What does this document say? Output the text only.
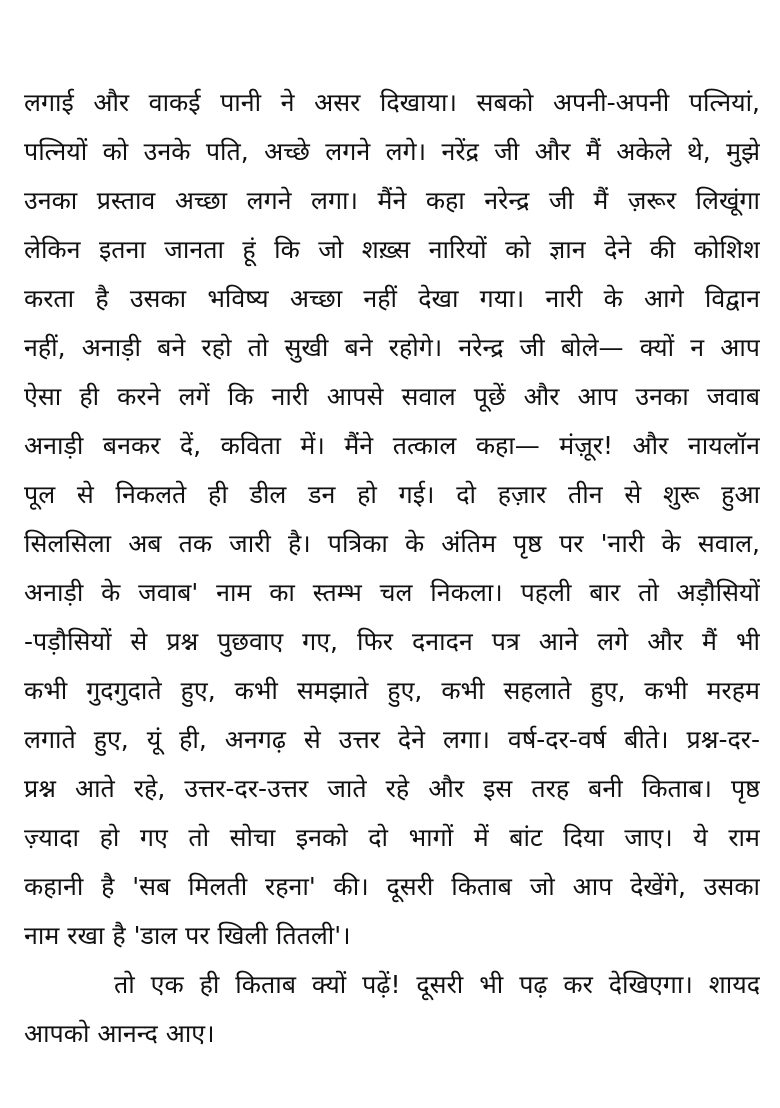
लगाई और वाकई पानी ने असर दिखाया। सबको अपनी-अपनी पत्नियां,
पत्नियों को उनके पति, अच्छे लगने लगे। नरेंद्र जी और मैं अकेले थे, मुझे
उनका प्रस्ताव अच्छा लगने लगा। मैंने कहा नरेन्द्र जी मैं ज़रूर लिखूंगा
लेकिन इतना जानता हूं कि जो शख़्स नारियों को ज्ञान देने की कोशिश
करता है उसका भविष्य अच्छा नहीं देखा गया। नारी के आगे विद्वान
नहीं, अनाड़ी बने रहो तो सुखी बने रहोगे। नरेन्द्र जी बोले— क्यों न आप
ऐसा ही करने लगें कि नारी आपसे सवाल पूछें और आप उनका जवाब
अनाड़ी बनकर दें, कविता में। मैंने तत्काल कहा— मंज़ूर! और नायलॉन
पूल से निकलते ही डील डन हो गई। दो हज़ार तीन से शुरू हुआ
सिलसिला अब तक जारी है। पत्रिका के अंतिम पृष्ठ पर 'नारी के सवाल,
अनाड़ी के जवाब' नाम का स्तम्भ चल निकला। पहली बार तो अड़ौसियों
-पड़ौसियों से प्रश्न पुछवाए गए, फिर दनादन पत्र आने लगे और मैं भी
कभी गुदगुदाते हुए, कभी समझाते हुए, कभी सहलाते हुए, कभी मरहम
लगाते हुए, यूं ही, अनगढ़ से उत्तर देने लगा। वर्ष-दर-वर्ष बीते। प्रश्न-दर-
प्रश्न आते रहे, उत्तर-दर-उत्तर जाते रहे और इस तरह बनी किताब। पृष्ठ
ज़्यादा हो गए तो सोचा इनको दो भागों में बांट दिया जाए। ये राम
कहानी है 'सब मिलती रहना' की। दूसरी किताब जो आप देखेंगे, उसका
नाम रखा है 'डाल पर खिली तितली'।
तो एक ही किताब क्यों पढ़ें! दूसरी भी पढ़ कर देखिएगा। शायद
आपको आनन्द आए।
